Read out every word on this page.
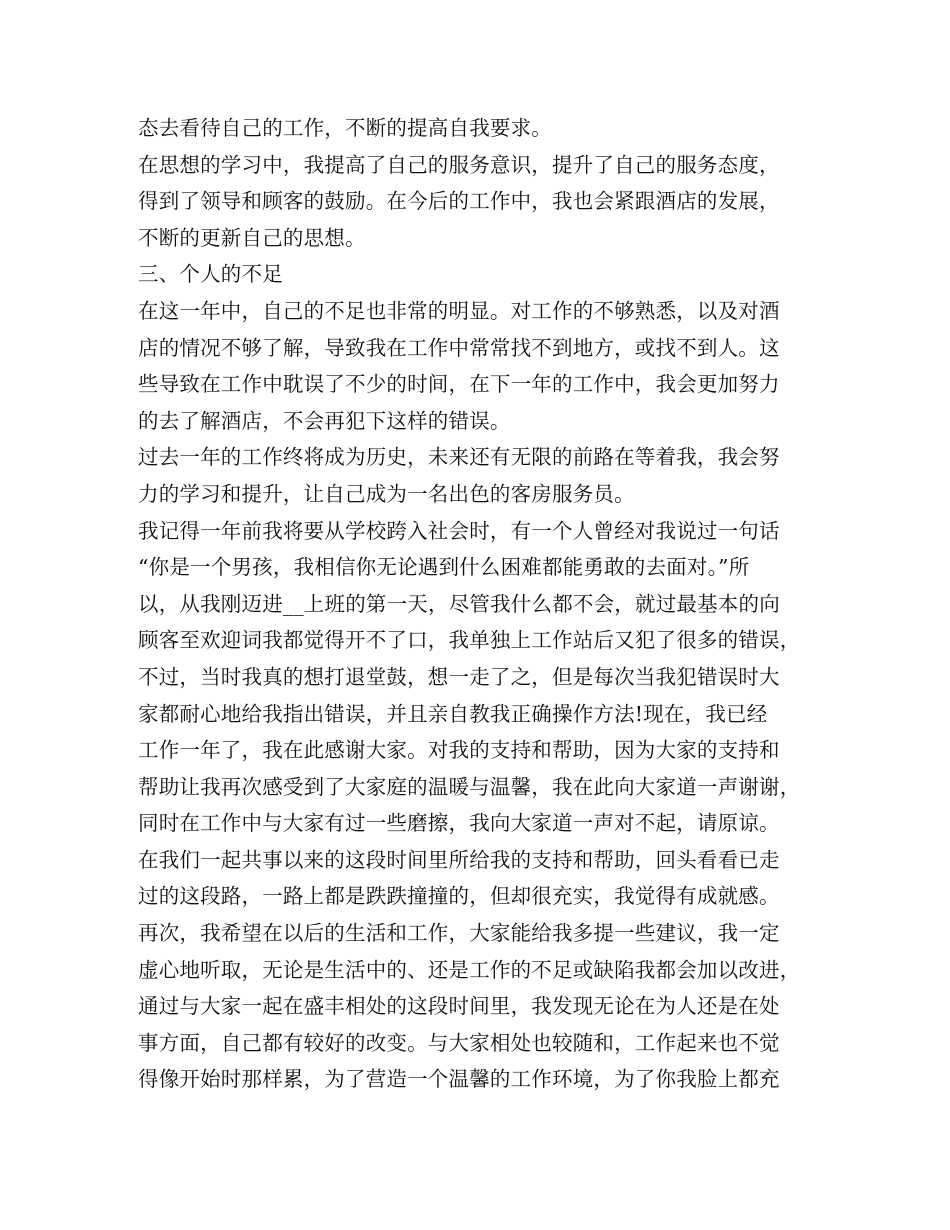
态去看待自己的工作，不断的提高自我要求。
在思想的学习中，我提高了自己的服务意识，提升了自己的服务态度，
得到了领导和顾客的鼓励。在今后的工作中，我也会紧跟酒店的发展，
不断的更新自己的思想。
三、个人的不足
在这一年中，自己的不足也非常的明显。对工作的不够熟悉，以及对酒
店的情况不够了解，导致我在工作中常常找不到地方，或找不到人。这
些导致在工作中耽误了不少的时间，在下一年的工作中，我会更加努力
的去了解酒店，不会再犯下这样的错误。
过去一年的工作终将成为历史，未来还有无限的前路在等着我，我会努
力的学习和提升，让自己成为一名出色的客房服务员。
我记得一年前我将要从学校跨入社会时，有一个人曾经对我说过一句话
“你是一个男孩，我相信你无论遇到什么困难都能勇敢的去面对。”所
以，从我刚迈进__上班的第一天，尽管我什么都不会，就过最基本的向
顾客至欢迎词我都觉得开不了口，我单独上工作站后又犯了很多的错误，
不过，当时我真的想打退堂鼓，想一走了之，但是每次当我犯错误时大
家都耐心地给我指出错误，并且亲自教我正确操作方法!现在，我已经
工作一年了，我在此感谢大家。对我的支持和帮助，因为大家的支持和
帮助让我再次感受到了大家庭的温暖与温馨，我在此向大家道一声谢谢，
同时在工作中与大家有过一些磨擦，我向大家道一声对不起，请原谅。
在我们一起共事以来的这段时间里所给我的支持和帮助，回头看看已走
过的这段路，一路上都是跌跌撞撞的，但却很充实，我觉得有成就感。
再次，我希望在以后的生活和工作，大家能给我多提一些建议，我一定
虚心地听取，无论是生活中的、还是工作的不足或缺陷我都会加以改进，
通过与大家一起在盛丰相处的这段时间里，我发现无论在为人还是在处
事方面，自己都有较好的改变。与大家相处也较随和，工作起来也不觉
得像开始时那样累，为了营造一个温馨的工作环境，为了你我脸上都充
